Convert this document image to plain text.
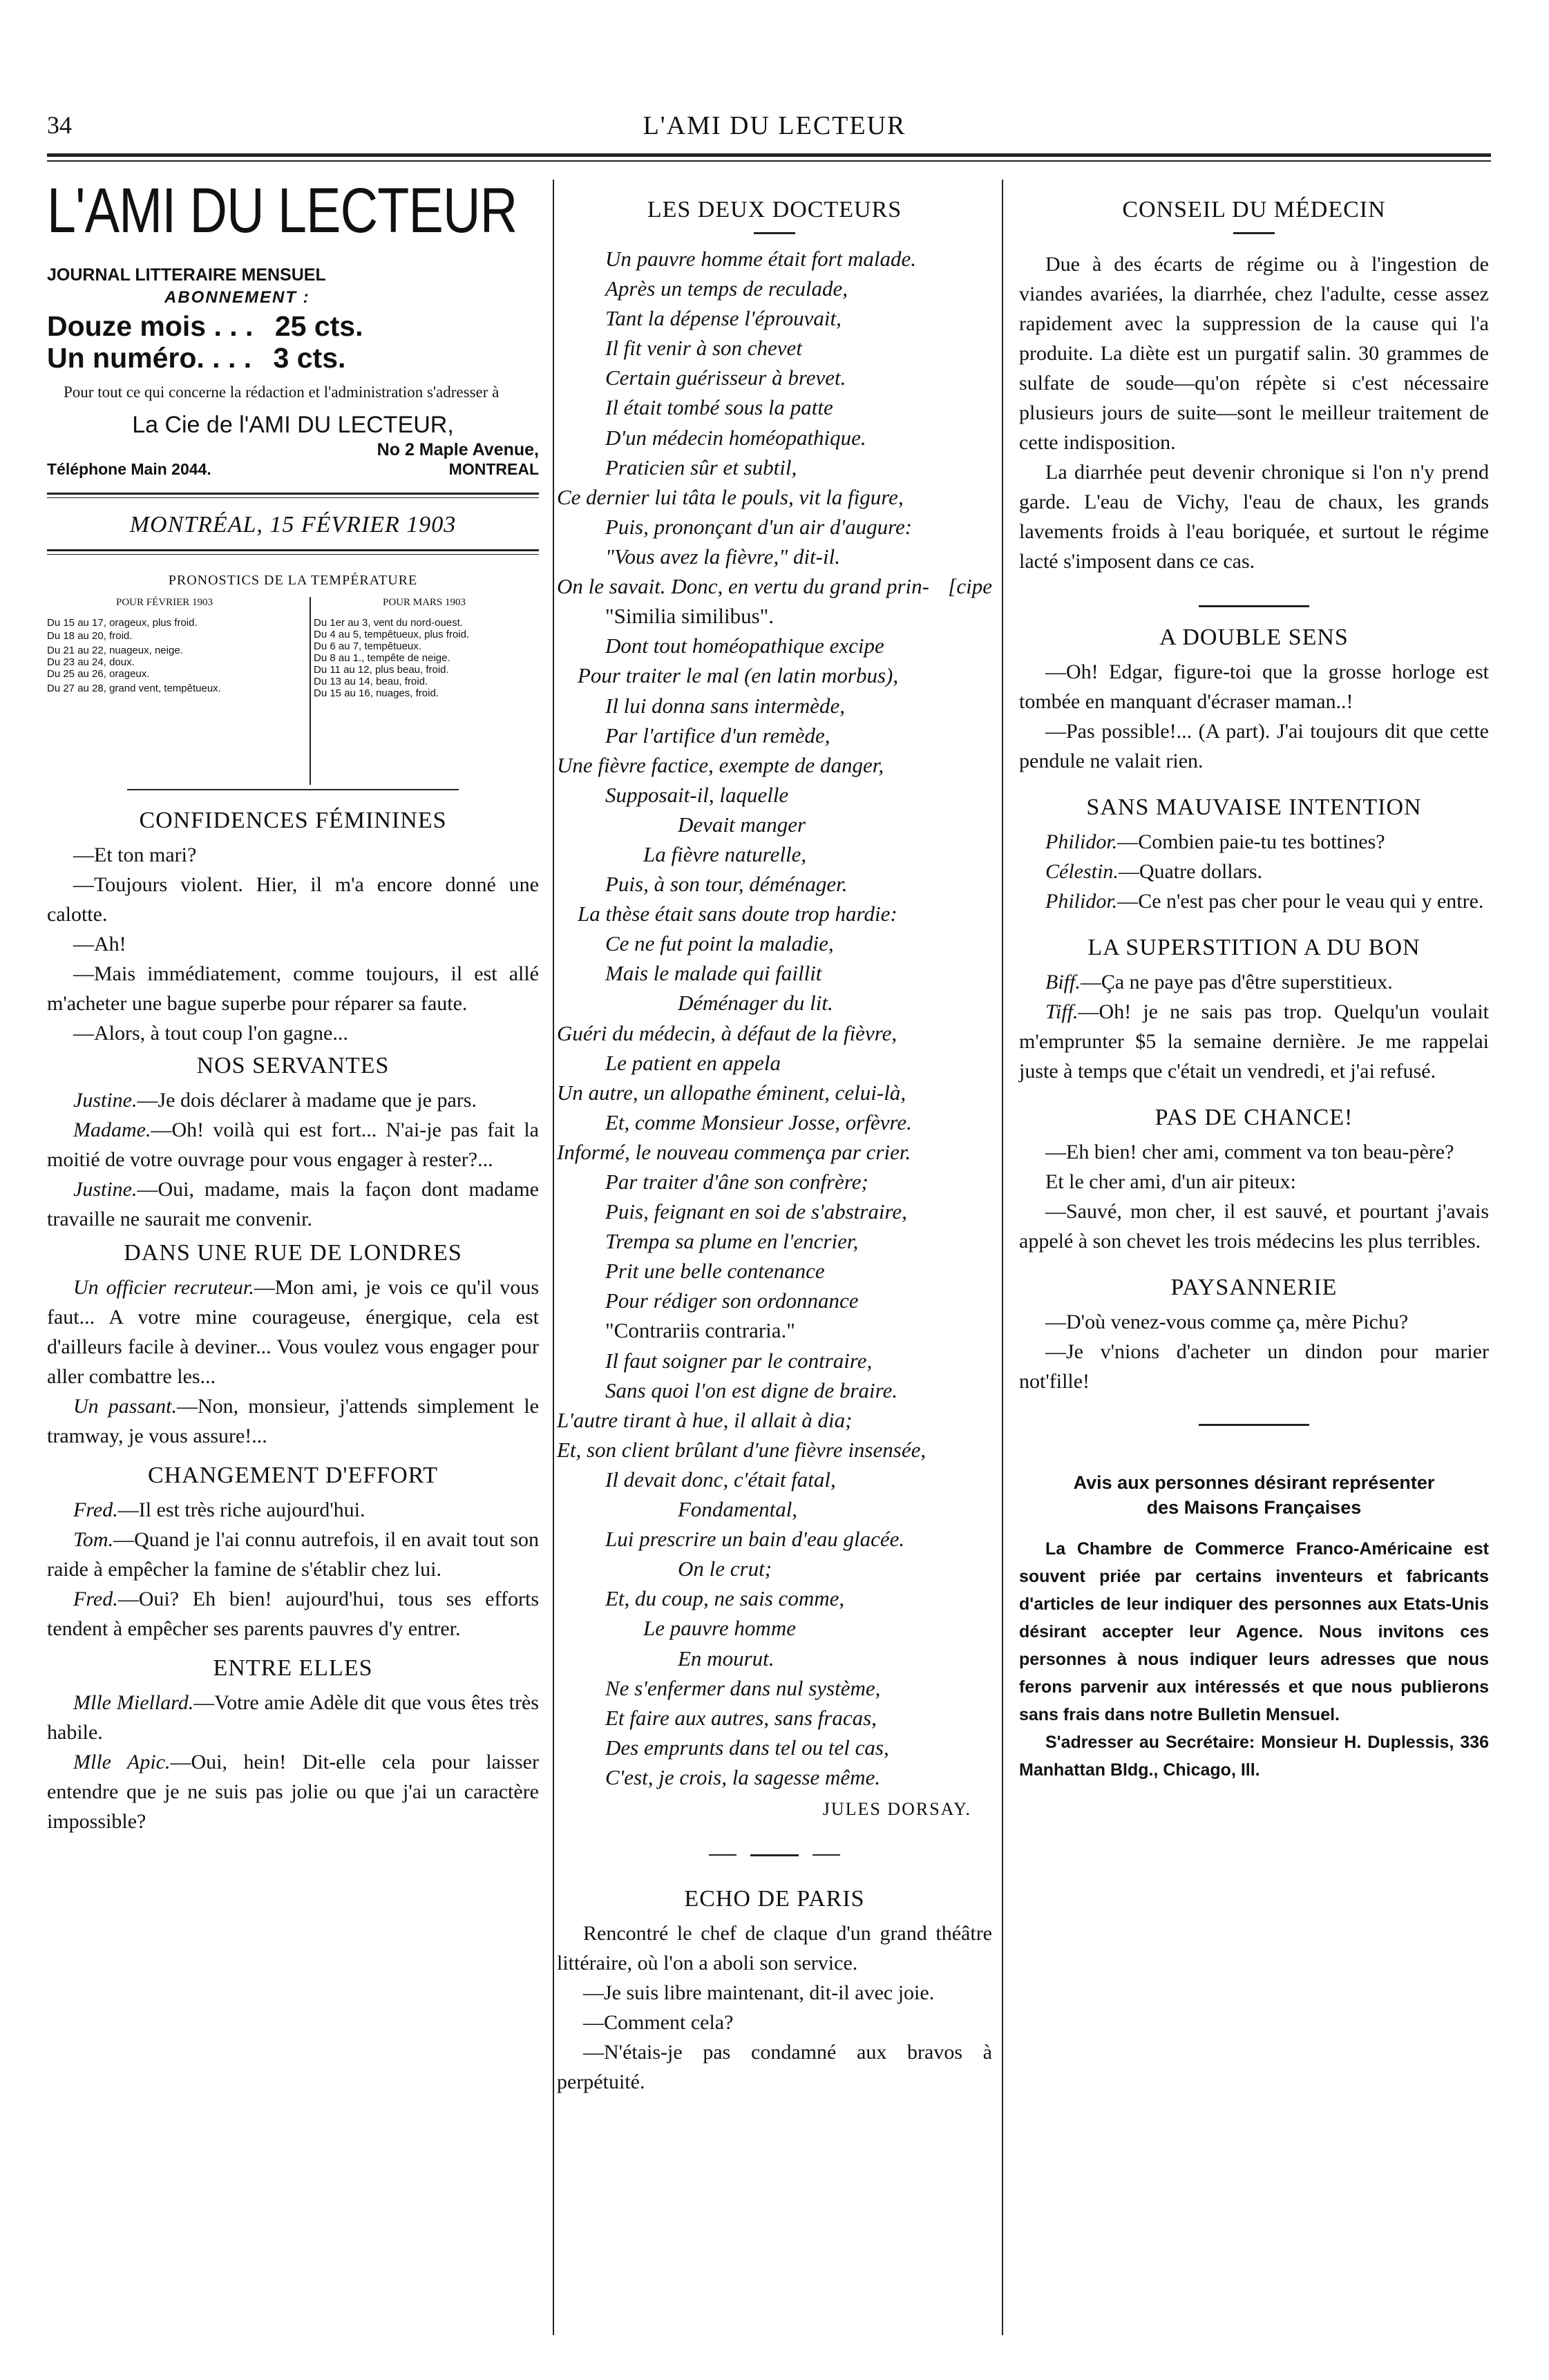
34	L'AMI DU LECTEUR
L'AMI DU LECTEUR
JOURNAL LITTERAIRE MENSUEL
ABONNEMENT :
Douze mois . . . 25 cts.
Un numéro. . . . 3 cts.
Pour tout ce qui concerne la rédaction et l'administration s'adresser à
La Cie de l'AMI DU LECTEUR,
No 2 Maple Avenue,
Téléphone Main 2044.	MONTREAL
MONTRÉAL, 15 FÉVRIER 1903
PRONOSTICS DE LA TEMPÉRATURE
POUR FÉVRIER 1903

Du 15 au 17, orageux, plus froid.

Du 18 au 20, froid.

Du 21 au 22, nuageux, neige.

Du 23 au 24, doux.

Du 25 au 26, orageux.

Du 27 au 28, grand vent, tempêtueux.

POUR MARS 1903

Du 1er au 3, vent du nord-ouest.

Du 4 au 5, tempêtueux, plus froid.

Du 6 au 7, tempêtueux.

Du 8 au 1., tempête de neige.

Du 11 au 12, plus beau, froid.

Du 13 au 14, beau, froid.

Du 15 au 16, nuages, froid.

CONFIDENCES FÉMININES

—Et ton mari?

—Toujours violent. Hier, il m'a encore donné une calotte.

—Ah!

—Mais immédiatement, comme toujours, il est allé m'acheter une bague superbe pour réparer sa faute.

—Alors, à tout coup l'on gagne...

NOS SERVANTES

Justine.—Je dois déclarer à madame que je pars.

Madame.—Oh! voilà qui est fort... N'ai-je pas fait la moitié de votre ouvrage pour vous engager à rester?...

Justine.—Oui, madame, mais la façon dont madame travaille ne saurait me convenir.

DANS UNE RUE DE LONDRES

Un officier recruteur.—Mon ami, je vois ce qu'il vous faut... A votre mine courageuse, énergique, cela est d'ailleurs facile à deviner... Vous voulez vous engager pour aller combattre les...

Un passant.—Non, monsieur, j'attends simplement le tramway, je vous assure!...

CHANGEMENT D'EFFORT

Fred.—Il est très riche aujourd'hui.

Tom.—Quand je l'ai connu autrefois, il en avait tout son raide à empêcher la famine de s'établir chez lui.

Fred.—Oui? Eh bien! aujourd'hui, tous ses efforts tendent à empêcher ses parents pauvres d'y entrer.

ENTRE ELLES

Mlle Miellard.—Votre amie Adèle dit que vous êtes très habile.

Mlle Apic.—Oui, hein! Dit-elle cela pour laisser entendre que je ne suis pas jolie ou que j'ai un caractère impossible?

LES DEUX DOCTEURS

Un pauvre homme était fort malade.

Après un temps de reculade,

Tant la dépense l'éprouvait,

Il fit venir à son chevet

Certain guérisseur à brevet.

Il était tombé sous la patte

D'un médecin homéopathique.

Praticien sûr et subtil,

Ce dernier lui tâta le pouls, vit la figure,

Puis, prononçant d'un air d'augure:

"Vous avez la fièvre," dit-il.

On le savait. Donc, en vertu du grand prin- [cipe

"Similia similibus".

Dont tout homéopathique excipe

Pour traiter le mal (en latin morbus),

Il lui donna sans intermède,

Par l'artifice d'un remède,

Une fièvre factice, exempte de danger,

Supposait-il, laquelle

Devait manger

La fièvre naturelle,

Puis, à son tour, déménager.

La thèse était sans doute trop hardie:

Ce ne fut point la maladie,

Mais le malade qui faillit

Déménager du lit.

Guéri du médecin, à défaut de la fièvre,

Le patient en appela

Un autre, un allopathe éminent, celui-là,

Et, comme Monsieur Josse, orfèvre.

Informé, le nouveau commença par crier.

Par traiter d'âne son confrère;

Puis, feignant en soi de s'abstraire,

Trempa sa plume en l'encrier,

Prit une belle contenance

Pour rédiger son ordonnance

"Contrariis contraria."

Il faut soigner par le contraire,

Sans quoi l'on est digne de braire.

L'autre tirant à hue, il allait à dia;

Et, son client brûlant d'une fièvre insensée,

Il devait donc, c'était fatal,

Fondamental,

Lui prescrire un bain d'eau glacée.

On le crut;

Et, du coup, ne sais comme,

Le pauvre homme

En mourut.

Ne s'enfermer dans nul système,

Et faire aux autres, sans fracas,

Des emprunts dans tel ou tel cas,

C'est, je crois, la sagesse même.

JULES DORSAY.
ECHO DE PARIS

Rencontré le chef de claque d'un grand théâtre littéraire, où l'on a aboli son service.

—Je suis libre maintenant, dit-il avec joie.

—Comment cela?

—N'étais-je pas condamné aux bravos à perpétuité.

CONSEIL DU MÉDECIN

Due à des écarts de régime ou à l'ingestion de viandes avariées, la diarrhée, chez l'adulte, cesse assez rapidement avec la suppression de la cause qui l'a produite. La diète est un purgatif salin. 30 grammes de sulfate de soude—qu'on répète si c'est nécessaire plusieurs jours de suite—sont le meilleur traitement de cette indisposition.

La diarrhée peut devenir chronique si l'on n'y prend garde. L'eau de Vichy, l'eau de chaux, les grands lavements froids à l'eau boriquée, et surtout le régime lacté s'imposent dans ce cas.

A DOUBLE SENS

—Oh! Edgar, figure-toi que la grosse horloge est tombée en manquant d'écraser maman..!

—Pas possible!... (A part). J'ai toujours dit que cette pendule ne valait rien.

SANS MAUVAISE INTENTION

Philidor.—Combien paie-tu tes bottines?

Célestin.—Quatre dollars.

Philidor.—Ce n'est pas cher pour le veau qui y entre.

LA SUPERSTITION A DU BON

Biff.—Ça ne paye pas d'être superstitieux.

Tiff.—Oh! je ne sais pas trop. Quelqu'un voulait m'emprunter $5 la semaine dernière. Je me rappelai juste à temps que c'était un vendredi, et j'ai refusé.

PAS DE CHANCE!

—Eh bien! cher ami, comment va ton beau-père?

Et le cher ami, d'un air piteux:

—Sauvé, mon cher, il est sauvé, et pourtant j'avais appelé à son chevet les trois médecins les plus terribles.

PAYSANNERIE

—D'où venez-vous comme ça, mère Pichu?

—Je v'nions d'acheter un dindon pour marier not'fille!

Avis aux personnes désirant représenter
des Maisons Françaises

La Chambre de Commerce Franco-Américaine est souvent priée par certains inventeurs et fabricants d'articles de leur indiquer des personnes aux Etats-Unis désirant accepter leur Agence. Nous invitons ces personnes à nous indiquer leurs adresses que nous ferons parvenir aux intéressés et que nous publierons sans frais dans notre Bulletin Mensuel.

S'adresser au Secrétaire: Monsieur H. Duplessis, 336 Manhattan Bldg., Chicago, Ill.
